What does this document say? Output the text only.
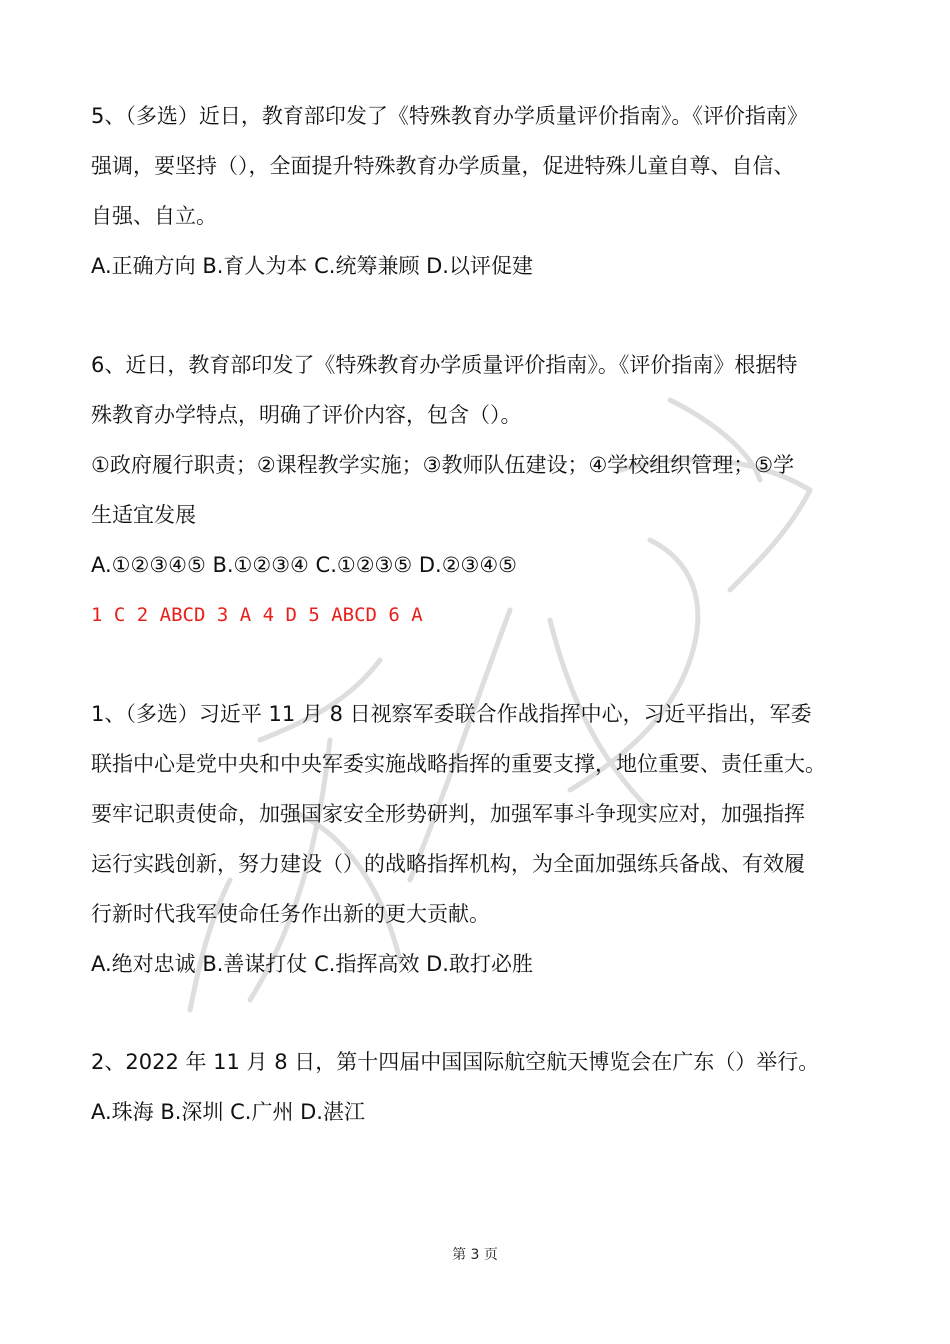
5、（多选）近日，教育部印发了《特殊教育办学质量评价指南》。《评价指南》

强调，要坚持（），全面提升特殊教育办学质量，促进特殊儿童自尊、自信、

自强、自立。

A.正确方向 B.育人为本 C.统筹兼顾 D.以评促建

6、近日，教育部印发了《特殊教育办学质量评价指南》。《评价指南》根据特

殊教育办学特点，明确了评价内容，包含（）。

①政府履行职责；②课程教学实施；③教师队伍建设；④学校组织管理；⑤学

生适宜发展

A.①②③④⑤ B.①②③④ C.①②③⑤ D.②③④⑤

1 C 2 ABCD 3 A 4 D 5 ABCD 6 A

1、（多选）习近平 11 月 8 日视察军委联合作战指挥中心，习近平指出，军委

联指中心是党中央和中央军委实施战略指挥的重要支撑，地位重要、责任重大。

要牢记职责使命，加强国家安全形势研判，加强军事斗争现实应对，加强指挥

运行实践创新，努力建设（）的战略指挥机构，为全面加强练兵备战、有效履

行新时代我军使命任务作出新的更大贡献。

A.绝对忠诚 B.善谋打仗 C.指挥高效 D.敢打必胜

2、2022 年 11 月 8 日，第十四届中国国际航空航天博览会在广东（）举行。

A.珠海 B.深圳 C.广州 D.湛江

第 3 页
